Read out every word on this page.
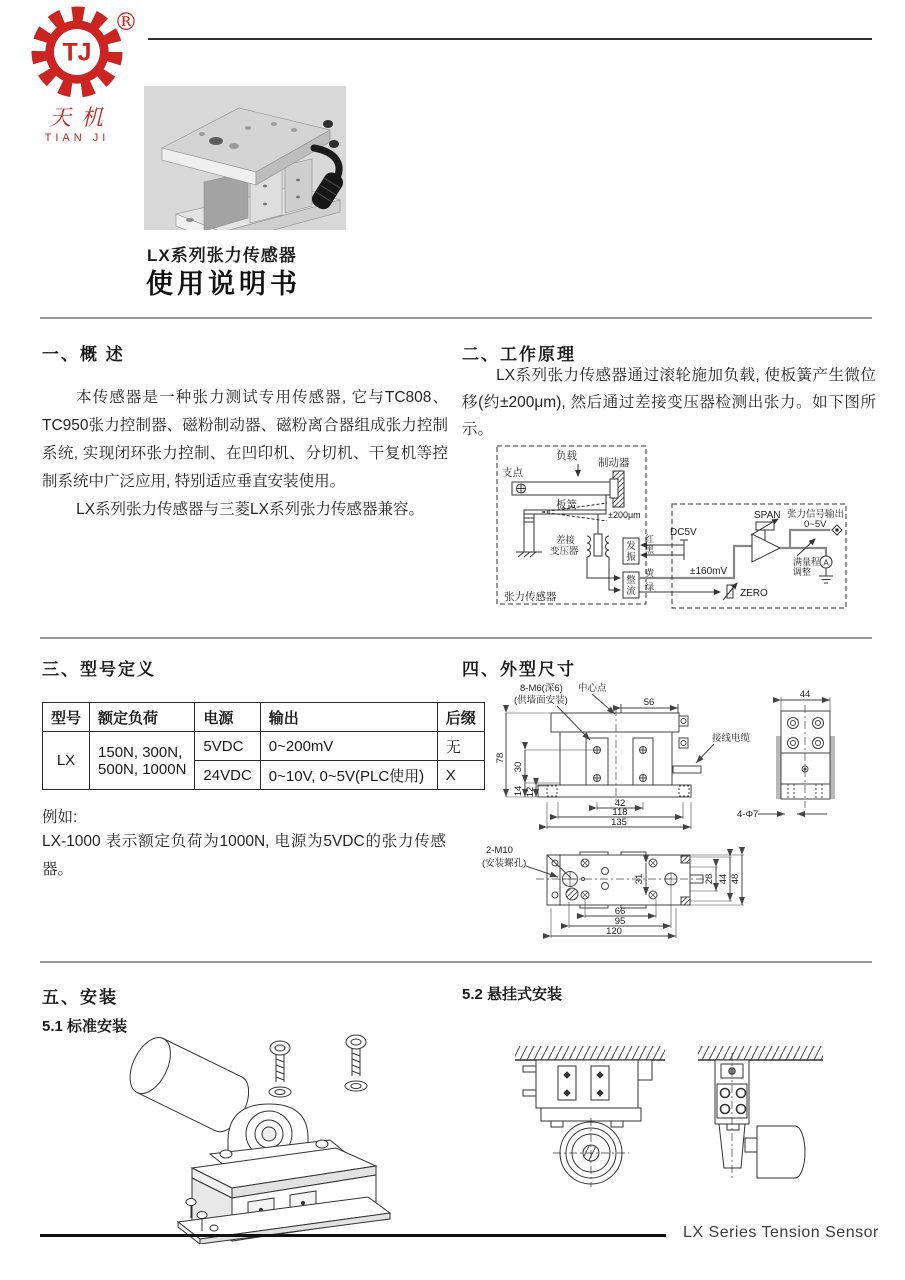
TJ
®
天机
TIAN JI
LX系列张力传感器
使用说明书
一、概 述
本传感器是一种张力测试专用传感器, 它与TC808、TC950张力控制器、磁粉制动器、磁粉离合器组成张力控制系统, 实现闭环张力控制、在凹印机、分切机、干复机等控制系统中广泛应用, 特别适应垂直安装使用。
LX系列张力传感器与三菱LX系列张力传感器兼容。
二、工作原理
LX系列张力传感器通过滚轮施加负载, 使板簧产生微位移(约±200μm), 然后通过差接变压器检测出张力。如下图所示。
负载
支点
制动器
板簧
±200μm
差接
变压器	发
振
整
流
红
黑
黄
绿
张力传感器
DC5V
±160mV
SPAN 张力信号输出
0~5V
满量程
调整
ZERO
A
三、型号定义
型号	额定负荷	电源	输出	后缀
LX	150N, 300N,
500N, 1000N	5VDC	0~200mV	无
		24VDC	0~10V, 0~5V(PLC使用)	X
例如:
LX-1000 表示额定负荷为1000N, 电源为5VDC的张力传感器。
四、外型尺寸
8-M6(深6)
(供墙面安装)
中心点
接线电缆
56
78
30
14 12
42
118
135
44
4-Φ7
2-M10
(安装螺孔)
31	28 44 48
66
95
120
五、安装
5.1 标准安装
5.2 悬挂式安装
LX Series Tension Sensor
